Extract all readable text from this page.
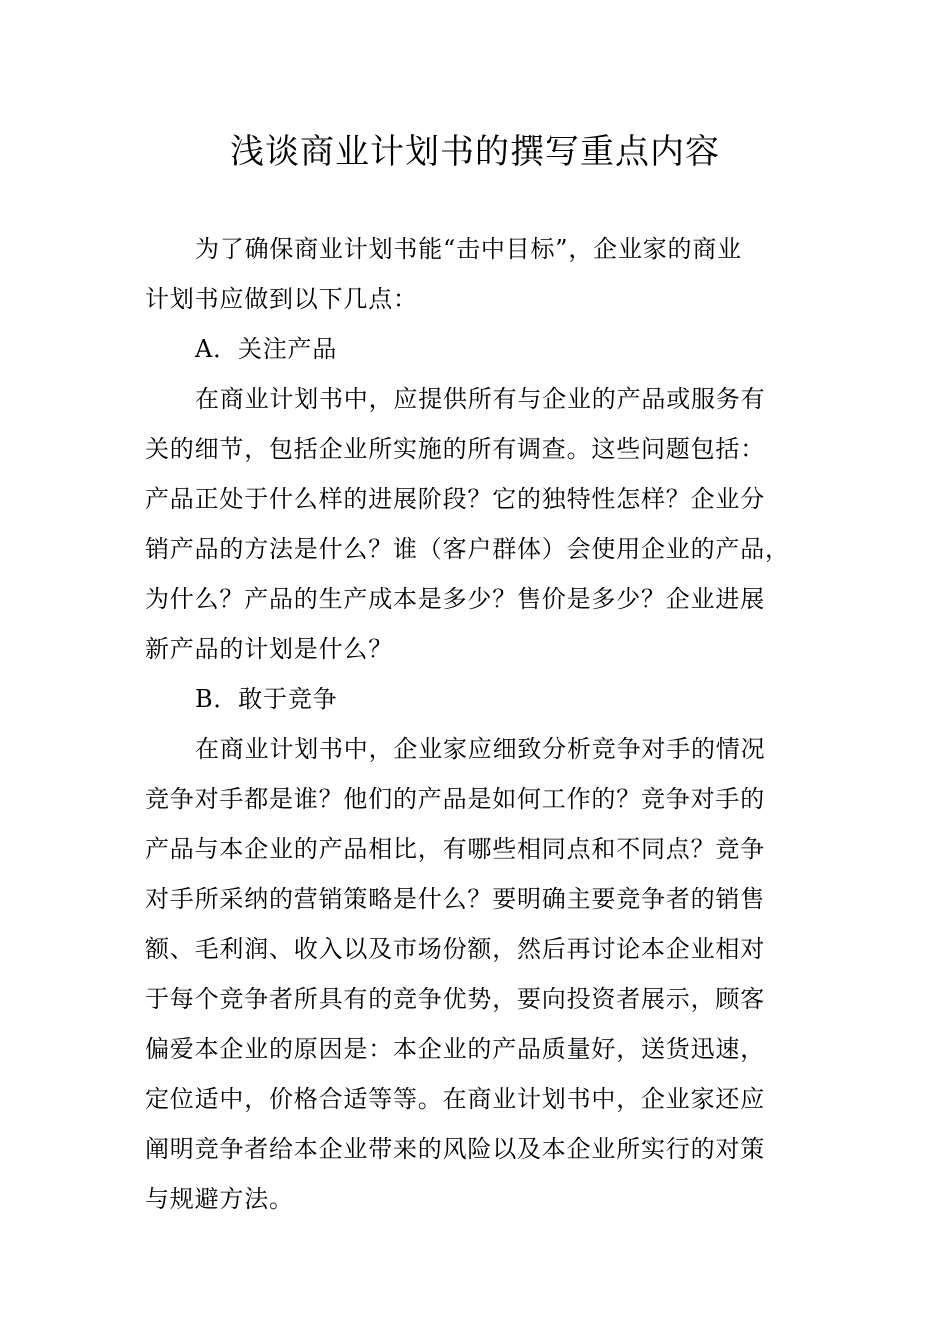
浅谈商业计划书的撰写重点内容
为了确保商业计划书能“击中目标”，企业家的商业
计划书应做到以下几点：
A．关注产品
在商业计划书中，应提供所有与企业的产品或服务有
关的细节，包括企业所实施的所有调查。这些问题包括：
产品正处于什么样的进展阶段？它的独特性怎样？企业分
销产品的方法是什么？谁（客户群体）会使用企业的产品，
为什么？产品的生产成本是多少？售价是多少？企业进展
新产品的计划是什么？
B．敢于竞争
在商业计划书中，企业家应细致分析竞争对手的情况
竞争对手都是谁？他们的产品是如何工作的？竞争对手的
产品与本企业的产品相比，有哪些相同点和不同点？竞争
对手所采纳的营销策略是什么？要明确主要竞争者的销售
额、毛利润、收入以及市场份额，然后再讨论本企业相对
于每个竞争者所具有的竞争优势，要向投资者展示，顾客
偏爱本企业的原因是：本企业的产品质量好，送货迅速，
定位适中，价格合适等等。在商业计划书中，企业家还应
阐明竞争者给本企业带来的风险以及本企业所实行的对策
与规避方法。
